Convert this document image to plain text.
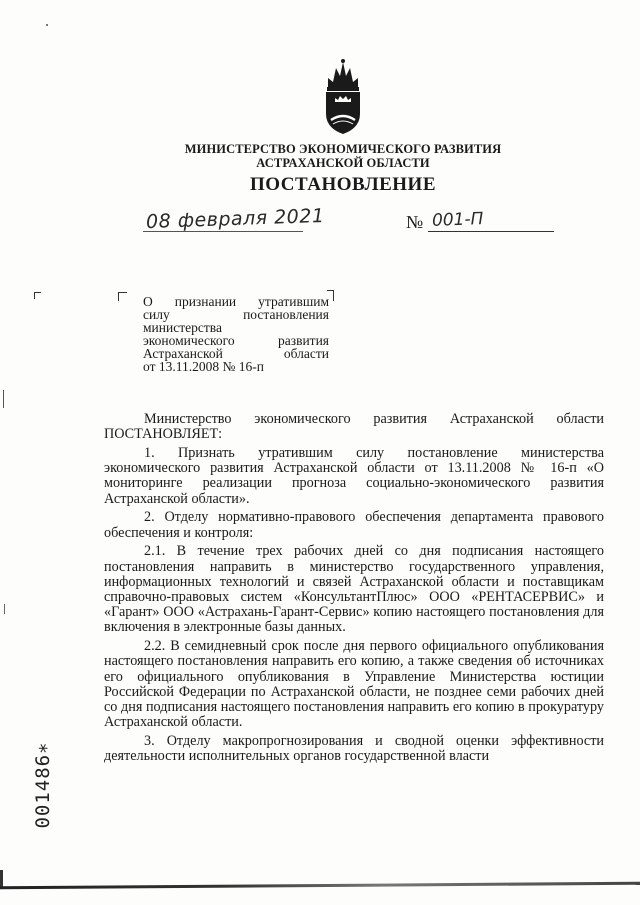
МИНИСТЕРСТВО ЭКОНОМИЧЕСКОГО РАЗВИТИЯ
АСТРАХАНСКОЙ ОБЛАСТИ
ПОСТАНОВЛЕНИЕ
08 февраля 2021	№ 001-П
О признании утратившим
силу постановления
министерства
экономического развития
Астраханской области
от 13.11.2008 № 16-п

Министерство экономического развития Астраханской области ПОСТАНОВЛЯЕТ:

1. Признать утратившим силу постановление министерства экономического развития Астраханской области от 13.11.2008 № 16-п «О мониторинге реализации прогноза социально-экономического развития Астраханской области».

2. Отделу нормативно-правового обеспечения департамента правового обеспечения и контроля:

2.1. В течение трех рабочих дней со дня подписания настоящего постановления направить в министерство государственного управления, информационных технологий и связей Астраханской области и поставщикам справочно-правовых систем «КонсультантПлюс» ООО «РЕНТАСЕРВИС» и «Гарант» ООО «Астрахань-Гарант-Сервис» копию настоящего постановления для включения в электронные базы данных.

2.2. В семидневный срок после дня первого официального опубликования настоящего постановления направить его копию, а также сведения об источниках его официального опубликования в Управление Министерства юстиции Российской Федерации по Астраханской области, не позднее семи рабочих дней со дня подписания настоящего постановления направить его копию в прокуратуру Астраханской области.

3. Отделу макропрогнозирования и сводной оценки эффективности деятельности исполнительных органов государственной власти

001486∗
